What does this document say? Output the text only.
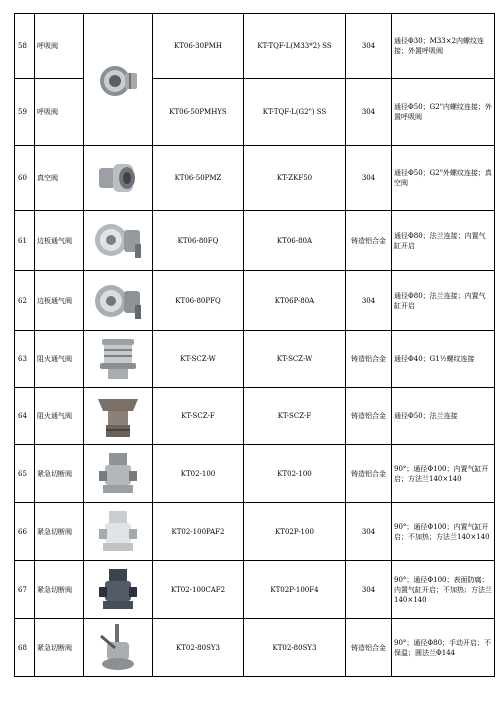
58	呼吸阀		KT06-30PMH	KT-TQF-L(M33*2) SS	304	通径Φ30；M33×2内螺纹连接；外置呼吸阀
59	呼吸阀		KT06-50PMHYS	KT-TQF-L(G2") SS	304	通径Φ50；G2"内螺纹连接；外置呼吸阀
60	真空阀		KT06-50PMZ	KT-ZKF50	304	通径Φ50；G2"外螺纹连接；真空阀
61	边板通气阀		KT06-80FQ	KT06-80A	铸造铝合金	通径Φ80；法兰连接；内置气缸开启
62	边板通气阀		KT06-80PFQ	KT06P-80A	304	通径Φ80；法兰连接；内置气缸开启
63	阻火通气阀		KT-SCZ-W	KT-SCZ-W	铸造铝合金	通径Φ40；G1½螺纹连接
64	阻火通气阀		KT-SCZ-F	KT-SCZ-F	铸造铝合金	通径Φ50；法兰连接
65	紧急切断阀		KT02-100	KT02-100	铸造铝合金	90°；通径Φ100；内置气缸开启；方法兰140×140
66	紧急切断阀		KT02-100PAF2	KT02P-100	304	90°；通径Φ100；内置气缸开启；不加热；方法兰140×140
67	紧急切断阀		KT02-100CAF2	KT02P-100F4	304	90°；通径Φ100；表面防腐；内置气缸开启；不加热；方法兰140×140
68	紧急切断阀		KT02-80SY3	KT02-80SY3	铸造铝合金	90°；通径Φ80；手动开启；不保温；圆法兰Φ144
